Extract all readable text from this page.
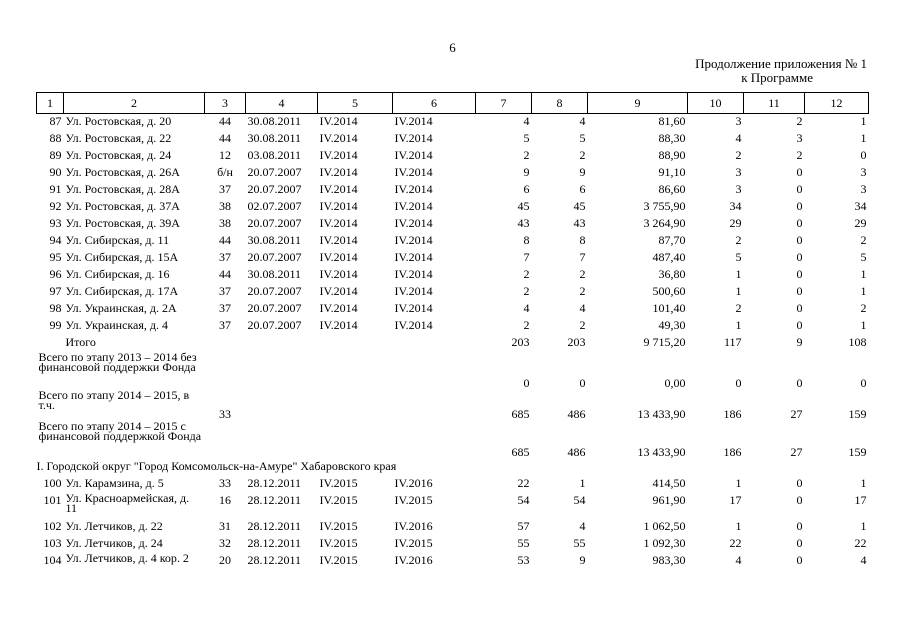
6
Продолжение приложения № 1
к Программе
1	2	3	4	5	6	7	8	9	10	11	12
87	Ул. Ростовская, д. 20	44	30.08.2011	IV.2014	IV.2014	4	4	81,60	3	2	1
88	Ул. Ростовская, д. 22	44	30.08.2011	IV.2014	IV.2014	5	5	88,30	4	3	1
89	Ул. Ростовская, д. 24	12	03.08.2011	IV.2014	IV.2014	2	2	88,90	2	2	0
90	Ул. Ростовская, д. 26А	б/н	20.07.2007	IV.2014	IV.2014	9	9	91,10	3	0	3
91	Ул. Ростовская, д. 28А	37	20.07.2007	IV.2014	IV.2014	6	6	86,60	3	0	3
92	Ул. Ростовская, д. 37А	38	02.07.2007	IV.2014	IV.2014	45	45	3 755,90	34	0	34
93	Ул. Ростовская, д. 39А	38	20.07.2007	IV.2014	IV.2014	43	43	3 264,90	29	0	29
94	Ул. Сибирская, д. 11	44	30.08.2011	IV.2014	IV.2014	8	8	87,70	2	0	2
95	Ул. Сибирская, д. 15А	37	20.07.2007	IV.2014	IV.2014	7	7	487,40	5	0	5
96	Ул. Сибирская, д. 16	44	30.08.2011	IV.2014	IV.2014	2	2	36,80	1	0	1
97	Ул. Сибирская, д. 17А	37	20.07.2007	IV.2014	IV.2014	2	2	500,60	1	0	1
98	Ул. Украинская, д. 2А	37	20.07.2007	IV.2014	IV.2014	4	4	101,40	2	0	2
99	Ул. Украинская, д. 4	37	20.07.2007	IV.2014	IV.2014	2	2	49,30	1	0	1
	Итого					203	203	9 715,20	117	9	108
Всего по этапу 2013 – 2014 без финансовой поддержки Фонда						0	0	0,00	0	0	0
Всего по этапу 2014 – 2015, в т.ч.		33				685	486	13 433,90	186	27	159
Всего по этапу 2014 – 2015 с финансовой поддержкой Фонда						685	486	13 433,90	186	27	159
I. Городской округ "Город Комсомольск-на-Амуре" Хабаровского края											
100	Ул. Карамзина, д. 5	33	28.12.2011	IV.2015	IV.2016	22	1	414,50	1	0	1
101	Ул. Красноармейская, д. 11	16	28.12.2011	IV.2015	IV.2015	54	54	961,90	17	0	17
102	Ул. Летчиков, д. 22	31	28.12.2011	IV.2015	IV.2016	57	4	1 062,50	1	0	1
103	Ул. Летчиков, д. 24	32	28.12.2011	IV.2015	IV.2015	55	55	1 092,30	22	0	22
104	Ул. Летчиков, д. 4 кор. 2	20	28.12.2011	IV.2015	IV.2016	53	9	983,30	4	0	4
